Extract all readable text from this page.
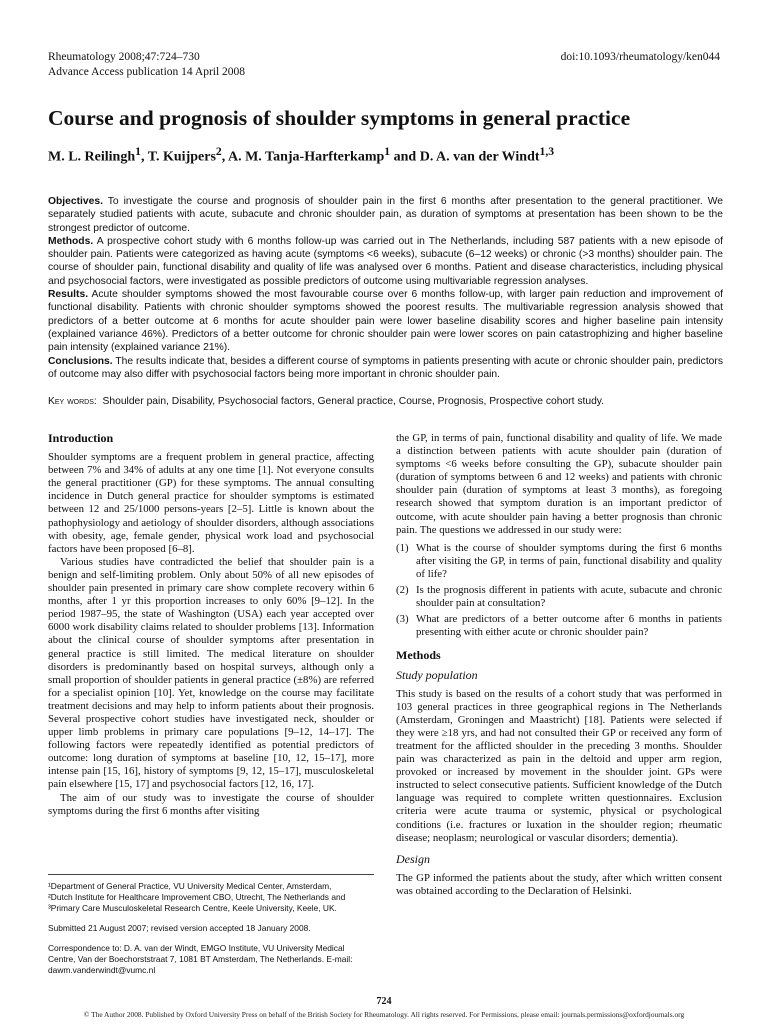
Rheumatology 2008;47:724–730
Advance Access publication 14 April 2008
doi:10.1093/rheumatology/ken044
Course and prognosis of shoulder symptoms in general practice
M. L. Reilingh$^1$, T. Kuijpers$^2$, A. M. Tanja-Harfterkamp$^1$ and D. A. van der Windt$^{1,3}$

Objectives. To investigate the course and prognosis of shoulder pain in the first 6 months after presentation to the general practitioner. We separately studied patients with acute, subacute and chronic shoulder pain, as duration of symptoms at presentation has been shown to be the strongest predictor of outcome.

Methods. A prospective cohort study with 6 months follow-up was carried out in The Netherlands, including 587 patients with a new episode of shoulder pain. Patients were categorized as having acute (symptoms <6 weeks), subacute (6–12 weeks) or chronic (>3 months) shoulder pain. The course of shoulder pain, functional disability and quality of life was analysed over 6 months. Patient and disease characteristics, including physical and psychosocial factors, were investigated as possible predictors of outcome using multivariable regression analyses.

Results. Acute shoulder symptoms showed the most favourable course over 6 months follow-up, with larger pain reduction and improvement of functional disability. Patients with chronic shoulder symptoms showed the poorest results. The multivariable regression analysis showed that predictors of a better outcome at 6 months for acute shoulder pain were lower baseline disability scores and higher baseline pain intensity (explained variance 46%). Predictors of a better outcome for chronic shoulder pain were lower scores on pain catastrophizing and higher baseline pain intensity (explained variance 21%).

Conclusions. The results indicate that, besides a different course of symptoms in patients presenting with acute or chronic shoulder pain, predictors of outcome may also differ with psychosocial factors being more important in chronic shoulder pain.

Key words: Shoulder pain, Disability, Psychosocial factors, General practice, Course, Prognosis, Prospective cohort study.
Introduction

Shoulder symptoms are a frequent problem in general practice, affecting between 7% and 34% of adults at any one time [1]. Not everyone consults the general practitioner (GP) for these symptoms. The annual consulting incidence in Dutch general practice for shoulder symptoms is estimated between 12 and 25/1000 persons-years [2–5]. Little is known about the pathophysiology and aetiology of shoulder disorders, although associations with obesity, age, female gender, physical work load and psychosocial factors have been proposed [6–8].

Various studies have contradicted the belief that shoulder pain is a benign and self-limiting problem. Only about 50% of all new episodes of shoulder pain presented in primary care show complete recovery within 6 months, after 1 yr this proportion increases to only 60% [9–12]. In the period 1987–95, the state of Washington (USA) each year accepted over 6000 work disability claims related to shoulder problems [13]. Information about the clinical course of shoulder symptoms after presentation in general practice is still limited. The medical literature on shoulder disorders is predominantly based on hospital surveys, although only a small proportion of shoulder patients in general practice (±8%) are referred for a specialist opinion [10]. Yet, knowledge on the course may facilitate treatment decisions and may help to inform patients about their prognosis. Several prospective cohort studies have investigated neck, shoulder or upper limb problems in primary care populations [9–12, 14–17]. The following factors were repeatedly identified as potential predictors of outcome: long duration of symptoms at baseline [10, 12, 15–17], more intense pain [15, 16], history of symptoms [9, 12, 15–17], musculoskeletal pain elsewhere [15, 17] and psychosocial factors [12, 16, 17].

The aim of our study was to investigate the course of shoulder symptoms during the first 6 months after visiting

¹Department of General Practice, VU University Medical Center, Amsterdam,

²Dutch Institute for Healthcare Improvement CBO, Utrecht, The Netherlands and

³Primary Care Musculoskeletal Research Centre, Keele University, Keele, UK.

Submitted 21 August 2007; revised version accepted 18 January 2008.

Correspondence to: D. A. van der Windt, EMGO Institute, VU University Medical Centre, Van der Boechorststraat 7, 1081 BT Amsterdam, The Netherlands. E-mail: dawm.vanderwindt@vumc.nl

the GP, in terms of pain, functional disability and quality of life. We made a distinction between patients with acute shoulder pain (duration of symptoms <6 weeks before consulting the GP), subacute shoulder pain (duration of symptoms between 6 and 12 weeks) and patients with chronic shoulder pain (duration of symptoms at least 3 months), as foregoing research showed that symptom duration is an important predictor of outcome, with acute shoulder pain having a better prognosis than chronic pain. The questions we addressed in our study were:

(1) What is the course of shoulder symptoms during the first 6 months after visiting the GP, in terms of pain, functional disability and quality of life?
(2) Is the prognosis different in patients with acute, subacute and chronic shoulder pain at consultation?
(3) What are predictors of a better outcome after 6 months in patients presenting with either acute or chronic shoulder pain?
Methods
Study population

This study is based on the results of a cohort study that was performed in 103 general practices in three geographical regions in The Netherlands (Amsterdam, Groningen and Maastricht) [18]. Patients were selected if they were ≥18 yrs, and had not consulted their GP or received any form of treatment for the afflicted shoulder in the preceding 3 months. Shoulder pain was characterized as pain in the deltoid and upper arm region, provoked or increased by movement in the shoulder joint. GPs were instructed to select consecutive patients. Sufficient knowledge of the Dutch language was required to complete written questionnaires. Exclusion criteria were acute trauma or systemic, physical or psychological conditions (i.e. fractures or luxation in the shoulder region; rheumatic disease; neoplasm; neurological or vascular disorders; dementia).

Design

The GP informed the patients about the study, after which written consent was obtained according to the Declaration of Helsinki.

724
© The Author 2008. Published by Oxford University Press on behalf of the British Society for Rheumatology. All rights reserved. For Permissions, please email: journals.permissions@oxfordjournals.org
